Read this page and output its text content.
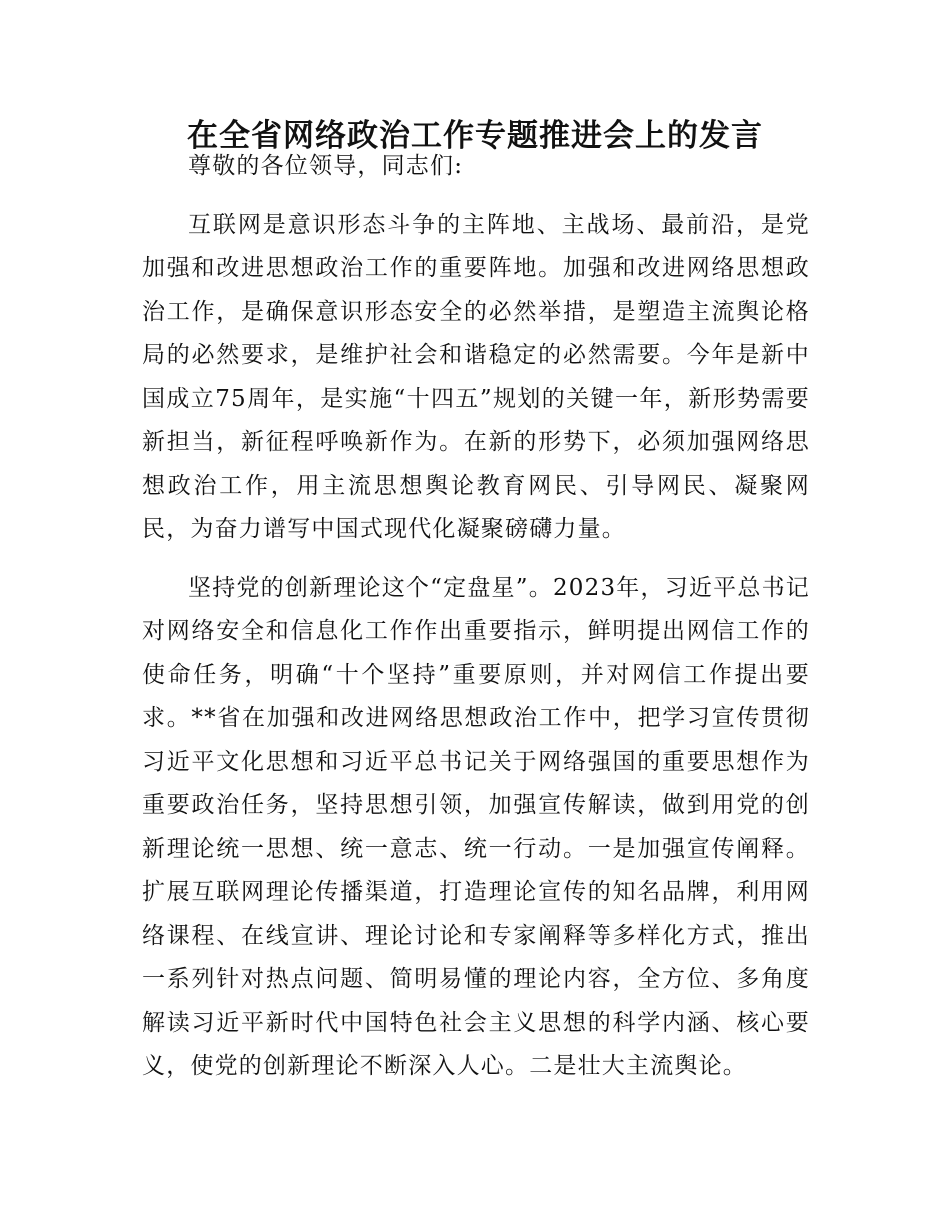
在全省网络政治工作专题推进会上的发言

尊敬的各位领导，同志们:

互联网是意识形态斗争的主阵地、主战场、最前沿，是党加强和改进思想政治工作的重要阵地。加强和改进网络思想政治工作，是确保意识形态安全的必然举措，是塑造主流舆论格局的必然要求，是维护社会和谐稳定的必然需要。今年是新中国成立75周年，是实施“十四五”规划的关键一年，新形势需要新担当，新征程呼唤新作为。在新的形势下，必须加强网络思想政治工作，用主流思想舆论教育网民、引导网民、凝聚网民，为奋力谱写中国式现代化凝聚磅礴力量。

坚持党的创新理论这个“定盘星”。2023年，习近平总书记对网络安全和信息化工作作出重要指示，鲜明提出网信工作的使命任务，明确“十个坚持”重要原则，并对网信工作提出要求。**省在加强和改进网络思想政治工作中，把学习宣传贯彻习近平文化思想和习近平总书记关于网络强国的重要思想作为重要政治任务，坚持思想引领，加强宣传解读，做到用党的创新理论统一思想、统一意志、统一行动。一是加强宣传阐释。扩展互联网理论传播渠道，打造理论宣传的知名品牌，利用网络课程、在线宣讲、理论讨论和专家阐释等多样化方式，推出一系列针对热点问题、简明易懂的理论内容，全方位、多角度解读习近平新时代中国特色社会主义思想的科学内涵、核心要义，使党的创新理论不断深入人心。二是壮大主流舆论。
